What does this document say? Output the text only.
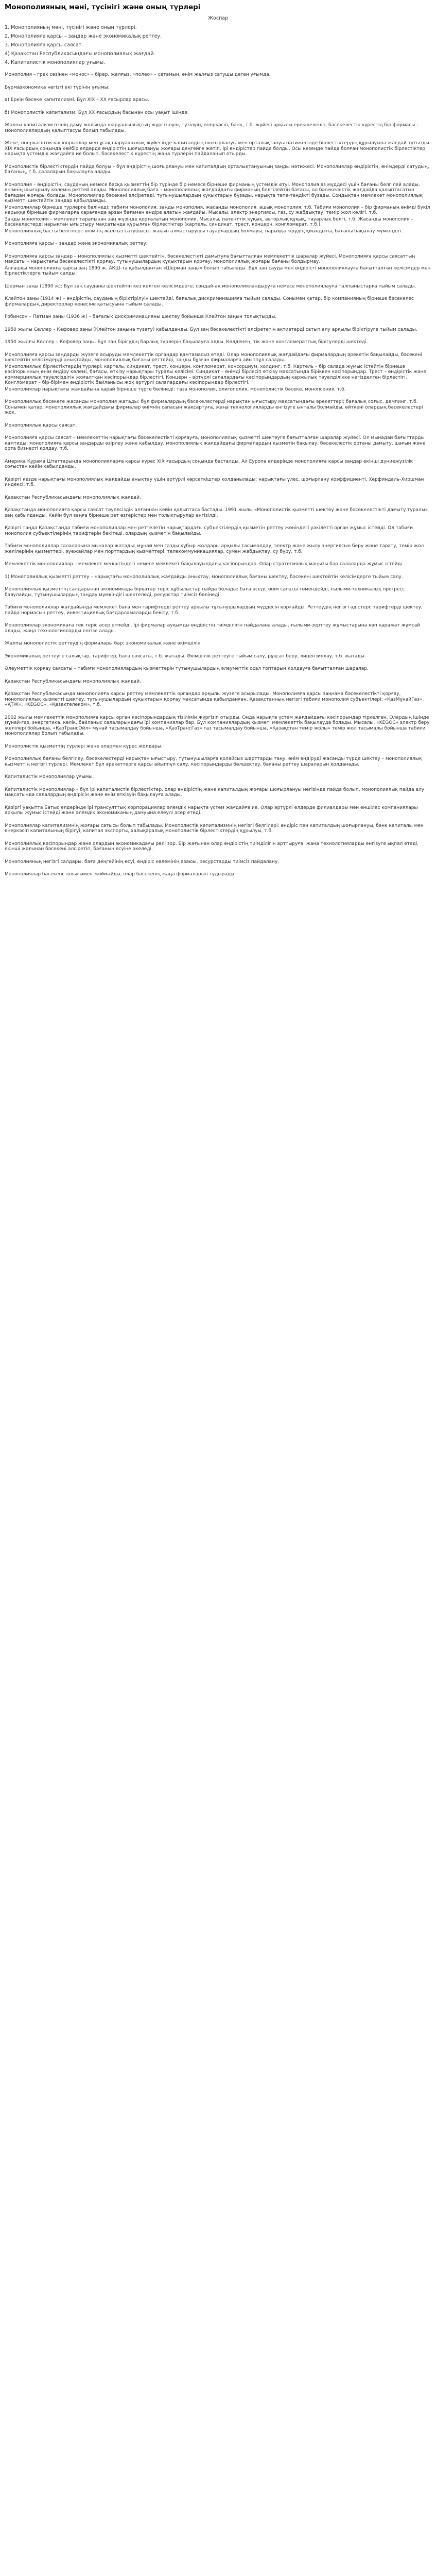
Монополияның мәні, түсінігі және оның түрлері
Жоспар
1. Монополияның мәні, түсінігі және оның түрлері.
2. Монополияға қарсы – заңдар және экономикалық реттеу.
3. Монополияға қарсы саясат.
4) Қазақстан Республикасындағы монополиялық жағдай.
4. Капиталистік монополиялар ұғымы.
Монополия – грек сөзінен «монос» – бірер, жалғыз, «полео» – сатамын, өнім жалғыз сатушы деген ұғымда.
Бұрмаэкономика негізгі екі түрінің ұғымы:
а) Еркін бәсеке капитализмі. Бұл XIX – XX ғасырлар арасы.
б) Монополистік капитализм. Бұл XX ғасырдың басынан осы уақыт ішінде.
Жалпы капитализм өзінің даму жолында шаруашылықтың жүргізілуін, түзілуін, өнеркәсіп, банк, т.б. жүйесі арқылы ерекшеленіп, бәсекелестік күрестің бір формасы – монополиялардың қалыптасуы болып табылады.
Жеке, өнеркәсіптік кәсіпорынлар мен ұсақ шаруашылық жүйесінде капиталдың шоғырлануы мен орталықтануы нәтижесінде бірлестіктердің құрылуына жағдай туғызды. XIX ғасырдың соңында кейбір елдерде өндірістің шоғырлануы жоғары деңгейге жетіп, ірі өндірістер пайда болды. Осы кезеңде пайда болған монополистік бірлестіктер нарықта үстемдік жағдайға ие болып, бәсекелестік күрестің жаңа түрлерін пайдаланып отырды.
Монополистік бірлестіктердің пайда болуы – бұл өндірістің шоғырлануы мен капиталдың орталықтануының заңды нәтижесі. Монополиялар өндірістің, өнімдерді сатудың, бағаның, т.б. салаларын бақылауға алады.
Монополия – өндірістің, сауданың немесе басқа қызметтің бір түрінде бір немесе бірнеше фирманың үстемдік етуі. Монополия өз мүддесі үшін бағаны белгілей алады, өнімнің шығарылу көлемін реттей алады. Монополиялық баға – монополиялық жағдайдағы фирманың белгілейтін бағасы, ол бәсекелестік жағдайда қалыптасатын бағадан жоғары болады. Монополиялар бәсекені әлсіретеді, тұтынушылардың құқықтарын бұзады, нарықта тепе-теңдікті бұзады. Сондықтан мемлекет монополиялық қызметті шектейтін заңдар қабылдайды.
Монополиялар бірнеше түрлерге бөлінеді: табиғи монополия, заңды монополия, жасанды монополия, ашық монополия, т.б. Табиғи монополия – бір фирманың өнімді бүкіл нарыққа бірнеше фирмаларға қарағанда арзан бағамен өндіре алатын жағдайы. Мысалы, электр энергиясы, газ, су жабдықтау, темір жол көлігі, т.б.
Заңды монополия – мемлекет тарапынан заң жүзінде қорғалатын монополия. Мысалы, патенттік құқық, авторлық құқық, тауарлық белгі, т.б. Жасанды монополия – бәсекелестерді нарықтан ығыстыру мақсатында құрылған бірлестіктер (картель, синдикат, трест, концерн, конгломерат, т.б.).
Монополияның басты белгілері: өнімнің жалғыз сатушысы, жақын алмастырушы тауарлардың болмауы, нарыққа кірудің қиындығы, бағаны бақылау мүмкіндігі.
Монополияға қарсы – заңдар және экономикалық реттеу.
Монополияға қарсы заңдар – монополиялық қызметті шектейтін, бәсекелестікті дамытуға бағытталған мемлекеттік шаралар жүйесі. Монополияға қарсы саясаттың мақсаты – нарықтағы бәсекелестікті қорғау, тұтынушылардың құқықтарын қорғау, монополиялық жоғары бағаны болдырмау.
Алғашқы монополияға қарсы заң 1890 ж. АҚШ-та қабылданған «Шерман заңы» болып табылады. Бұл заң сауда мен өндірісті монополиялауға бағытталған келісімдер мен бірлестіктерге тыйым салды.
Шерман заңы (1890 ж): Бұл заң сауданы шектейтін кез келген келісімдерге, сондай-ақ монополияландыруға немесе монополиялауға талпыныстарға тыйым салады.
Клейтон заңы (1914 ж) – өндірістің, сауданың біріктірілуін шектейді, бағалық дискриминацияға тыйым салады. Сонымен қатар, бір компанияның бірнеше бәсекелес фирмалардың директорлар кеңесіне қатысуына тыйым салады.
Робинсон – Патман заңы (1936 ж) – бағалық дискриминацияны шектеу бойынша Клейтон заңын толықтырды.
1950 жылы Селлер – Кефовер заңы (Клейтон заңына түзету) қабылданды. Бұл заң бәсекелестікті әлсірететін активтерді сатып алу арқылы біріктіруге тыйым салады.
1950 жылғы Келлер – Кефовер заңы. Бұл заң бірігудің барлық түрлерін бақылауға алды. Көлденең, тік және конгломераттық бірігулерді шектеді.
Монополияға қарсы заңдарды жүзеге асыруды мемлекеттік органдар қамтамасыз етеді. Олар монополиялық жағдайдағы фирмалардың әрекетін бақылайды, бәсекені шектейтін келісімдерді анықтайды, монополиялық бағаны реттейді, заңды бұзған фирмаларға айыппұл салады.
Монополиялық бірлестіктердің түрлері: картель, синдикат, трест, концерн, конгломерат, консорциум, холдинг, т.б. Картель – бір салада жұмыс істейтін бірнеше кәсіпорынның өнім өндіру көлемі, бағасы, өткізу нарықтары туралы келісімі. Синдикат – өнімді бірлесіп өткізу мақсатында біріккен кәсіпорындар. Трест – өндірістік және коммерциялық тәуелсіздігін жоғалтқан кәсіпорындар бірлестігі. Концерн – әртүрлі салалардағы кәсіпорындардың қаржылық тәуелділікке негізделген бірлестігі. Конгломерат – бір-бірімен өндірістік байланысы жоқ әртүрлі салалардағы кәсіпорындар бірлестігі.
Монополиялар нарықтағы жағдайына қарай бірнеше түрге бөлінеді: таза монополия, олигополия, монополистік бәсеке, монопсония, т.б.
Монополиялық бәсекеге жасанды монополия жатады: бұл фирмалардың бәсекелестерді нарықтан ығыстыру мақсатындағы әрекеттері; бағалық соғыс, демпинг, т.б. Сонымен қатар, монополиялық жағдайдағы фирмалар өнімнің сапасын жақсартуға, жаңа технологияларды енгізуге ынталы болмайды, өйткені олардың бәсекелестері жоқ.
Монополиялық қарсы саясат.
Монополияға қарсы саясат – мемлекеттің нарықтағы бәсекелестікті қорғауға, монополиялық қызметті шектеуге бағытталған шаралар жүйесі. Ол мынадай бағыттарды қамтиды: монополияға қарсы заңдарды әзірлеу және қабылдау, монополиялық жағдайдағы фирмалардың қызметін бақылау, бәсекелестік ортаны дамыту, шағын және орта бизнесті қолдау, т.б.
Америка Құрама Штаттарында монополияларға қарсы күрес XIX ғасырдың соңында басталды. Ал Еуропа елдерінде монополияға қарсы заңдар екінші дүниежүзілік соғыстан кейін қабылданды.
Қазіргі кезде нарықтағы монополиялық жағдайды анықтау үшін әртүрлі көрсеткіштер қолданылады: нарықтағы үлес, шоғырлану коэффициенті, Херфиндаль-Хиршман индексі, т.б.
Қазақстан Республикасындағы монополиялық жағдай.
Қазақстанда монополияға қарсы саясат тәуелсіздік алғаннан кейін қалыптаса бастады. 1991 жылы «Монополистік қызметті шектеу және бәсекелестікті дамыту туралы» заң қабылданды. Кейін бұл заңға бірнеше рет өзгерістер мен толықтырулар енгізілді.
Қазіргі таңда Қазақстанда табиғи монополиялар мен реттелетін нарықтардағы субъектілердің қызметін реттеу жөніндегі уәкілетті орган жұмыс істейді. Ол табиғи монополия субъектілерінің тарифтерін бекітеді, олардың қызметін бақылайды.
Табиғи монополиялар салаларына мыналар жатады: мұнай мен газды құбыр жолдары арқылы тасымалдау, электр және жылу энергиясын беру және тарату, темір жол желілерінің қызметтері, әуежайлар мен порттардың қызметтері, телекоммуникациялар, сумен жабдықтау, су бұру, т.б.
Мемлекеттік монополиялар – мемлекет меншігіндегі немесе мемлекет бақылауындағы кәсіпорындар. Олар стратегиялық маңызы бар салаларда жұмыс істейді.
1) Монополиялық қызметті реттеу – нарықтағы монополиялық жағдайды анықтау, монополиялық бағаны шектеу, бәсекені шектейтін келісімдерге тыйым салу.
Монополиялық қызметтің салдарынан экономикада бірқатар теріс құбылыстар пайда болады: баға өседі, өнім сапасы төмендейді, ғылыми-техникалық прогресс баяулайды, тұтынушылардың таңдау мүмкіндігі шектеледі, ресурстар тиімсіз бөлінеді.
Табиғи монополиялар жағдайында мемлекет баға мен тарифтерді реттеу арқылы тұтынушылардың мүддесін қорғайды. Реттеудің негізгі әдістері: тарифтерді шектеу, пайда нормасын реттеу, инвестициялық бағдарламаларды бекіту, т.б.
Монополиялар экономикаға тек теріс әсер етпейді. Ірі фирмалар ауқымды өндірістің тиімділігін пайдалана алады, ғылыми-зерттеу жұмыстарына көп қаражат жұмсай алады, жаңа технологияларды енгізе алады.
Жалпы монополистік реттеудің формалары бар: экономикалық және әкімшілік.
Экономикалық реттеуге салықтар, тарифтер, баға саясаты, т.б. жатады. Әкімшілік реттеуге тыйым салу, рұқсат беру, лицензиялау, т.б. жатады.
Әлеуметтік қорғау саясаты – табиғи монополиялардың қызметтерін тұтынушылардың әлеуметтік осал топтарын қолдауға бағытталған шаралар.
Қазақстан Республикасындағы монополиялық жағдай.
Қазақстан Республикасында монополияға қарсы реттеу мемлекеттік органдар арқылы жүзеге асырылады. Монополияға қарсы заңнама бәсекелестікті қорғау, монополиялық қызметті шектеу, тұтынушылардың құқықтарын қорғау мақсатында қабылданған. Қазақстанның негізгі табиғи монополия субъектілері: «ҚазМұнайГаз», «ҚТЖ», «KEGOC», «Қазақтелеком», т.б.
2002 жылы мемлекеттік монополияға қарсы орган кәсіпорындардың тізілімін жүргізіп отырды. Онда нарықта үстем жағдайдағы кәсіпорындар тіркелген. Олардың ішінде мұнай-газ, энергетика, көлік, байланыс салаларындағы ірі компаниялар бар. Бұл компаниялардың қызметі мемлекеттік бақылауда болады. Мысалы, «KEGOC» электр беру желілері бойынша, «ҚазТрансОйл» мұнай тасымалдау бойынша, «ҚазТрансГаз» газ тасымалдау бойынша, «Қазақстан темір жолы» темір жол тасымалы бойынша табиғи монополиялар болып табылады.
Монополистік қызметтің түрлері және олармен күрес жолдары.
Монополиялық бағаны белгілеу, бәсекелестерді нарықтан ығыстыру, тұтынушыларға қолайсыз шарттарды таңу, өнім өндіруді жасанды түрде шектеу – монополиялық қызметтің негізгі түрлері. Мемлекет бұл әрекеттерге қарсы айыппұл салу, кәсіпорындарды бөлшектеу, бағаны реттеу шараларын қолданады.
Капиталистік монополиялар ұғымы.
Капиталистік монополиялар – бұл ірі капиталистік бірлестіктер, олар өндірістің және капиталдың жоғары шоғырлануы негізінде пайда болып, монополиялық пайда алу мақсатында салалардың өндірісін және өнім өткізуін бақылауға алады.
Қазіргі уақытта Батыс елдерінде ірі трансұлттық корпорациялар әлемдік нарықта үстем жағдайға ие. Олар әртүрлі елдерде филиалдары мен еншілес компаниялары арқылы жұмыс істейді және әлемдік экономиканың дамуына елеулі әсер етеді.
Монополиялар капитализмнің жоғары сатысы болып табылады. Монополистік капитализмнің негізгі белгілері: өндіріс пен капиталдың шоғырлануы, банк капиталы мен өнеркәсіп капиталының бірігуі, капитал экспорты, халықаралық монополистік бірлестіктердің құрылуы, т.б.
Монополиялық кәсіпорындар және олардың экономикадағы рөлі зор. Бір жағынан олар өндірістің тиімділігін арттыруға, жаңа технологияларды енгізуге ықпал етеді, екінші жағынан бәсекені әлсіретіп, бағаның өсуіне әкеледі.
Монополияның негізгі салдары: баға деңгейінің өсуі, өндіріс көлемінің азаюы, ресурстарды тиімсіз пайдалану.
Монополиялар бәсекені толығымен жоймайды, олар бәсекенің жаңа формаларын тудырады.
